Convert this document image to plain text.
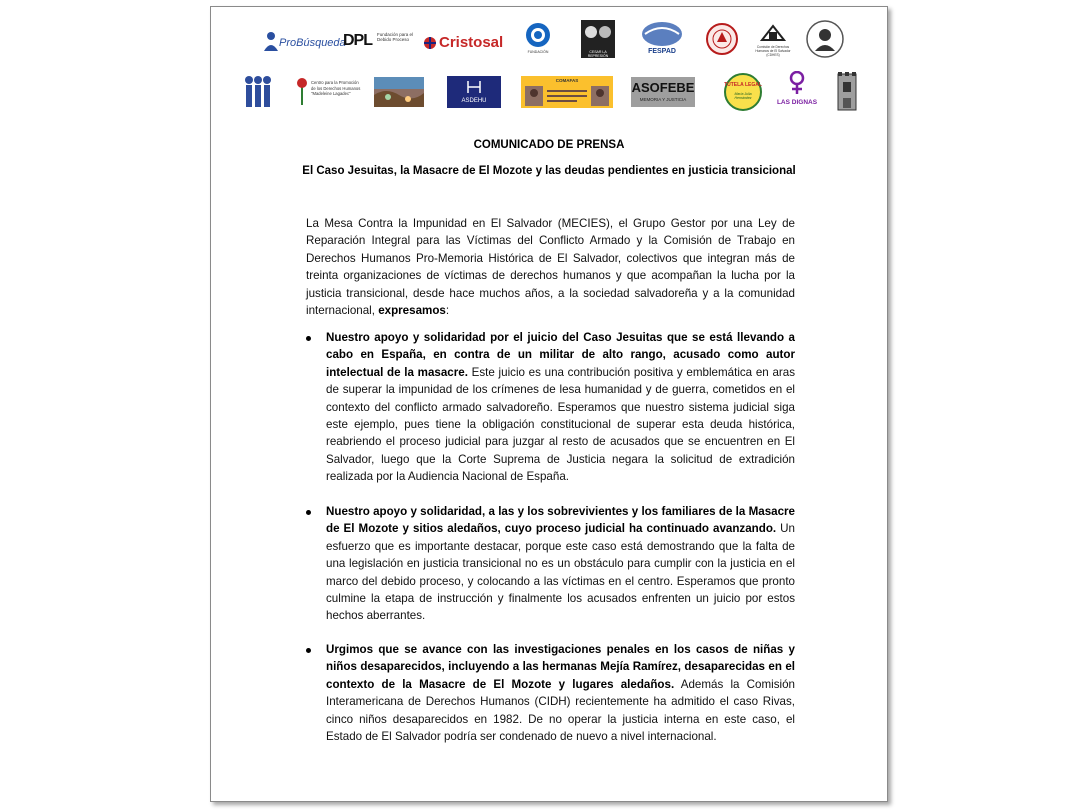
ProBúsqueda
DPL Fundación para el Debido Proceso	Cristosal
FUNDACIÓN	CESAR LA REPRESIÓN
FESPAD
Comisión de Derechos Humanos de El Salvador (CDHES)
Centro para la Promoción de los Derechos Humanos "Madeleine Lagadec"
ASDEHU
COMAFAS	ASOFEBE
MEMORIA Y JUSTICIA
TUTELA LEGAL
María Julia Hernández
LAS DIGNAS
COMUNICADO DE PRENSA
El Caso Jesuitas, la Masacre de El Mozote y las deudas pendientes en justicia transicional
La Mesa Contra la Impunidad en El Salvador (MECIES), el Grupo Gestor por una Ley de Reparación Integral para las Víctimas del Conflicto Armado y la Comisión de Trabajo en Derechos Humanos Pro-Memoria Histórica de El Salvador, colectivos que integran más de treinta organizaciones de víctimas de derechos humanos y que acompañan la lucha por la justicia transicional, desde hace muchos años, a la sociedad salvadoreña y a la comunidad internacional, expresamos:
Nuestro apoyo y solidaridad por el juicio del Caso Jesuitas que se está llevando a cabo en España, en contra de un militar de alto rango, acusado como autor intelectual de la masacre. Este juicio es una contribución positiva y emblemática en aras de superar la impunidad de los crímenes de lesa humanidad y de guerra, cometidos en el contexto del conflicto armado salvadoreño. Esperamos que nuestro sistema judicial siga este ejemplo, pues tiene la obligación constitucional de superar esta deuda histórica, reabriendo el proceso judicial para juzgar al resto de acusados que se encuentren en El Salvador, luego que la Corte Suprema de Justicia negara la solicitud de extradición realizada por la Audiencia Nacional de España.
Nuestro apoyo y solidaridad, a las y los sobrevivientes y los familiares de la Masacre de El Mozote y sitios aledaños, cuyo proceso judicial ha continuado avanzando. Un esfuerzo que es importante destacar, porque este caso está demostrando que la falta de una legislación en justicia transicional no es un obstáculo para cumplir con la justicia en el marco del debido proceso, y colocando a las víctimas en el centro. Esperamos que pronto culmine la etapa de instrucción y finalmente los acusados enfrenten un juicio por estos hechos aberrantes.
Urgimos que se avance con las investigaciones penales en los casos de niñas y niños desaparecidos, incluyendo a las hermanas Mejía Ramírez, desaparecidas en el contexto de la Masacre de El Mozote y lugares aledaños. Además la Comisión Interamericana de Derechos Humanos (CIDH) recientemente ha admitido el caso Rivas, cinco niños desaparecidos en 1982. De no operar la justicia interna en este caso, el Estado de El Salvador podría ser condenado de nuevo a nivel internacional.
